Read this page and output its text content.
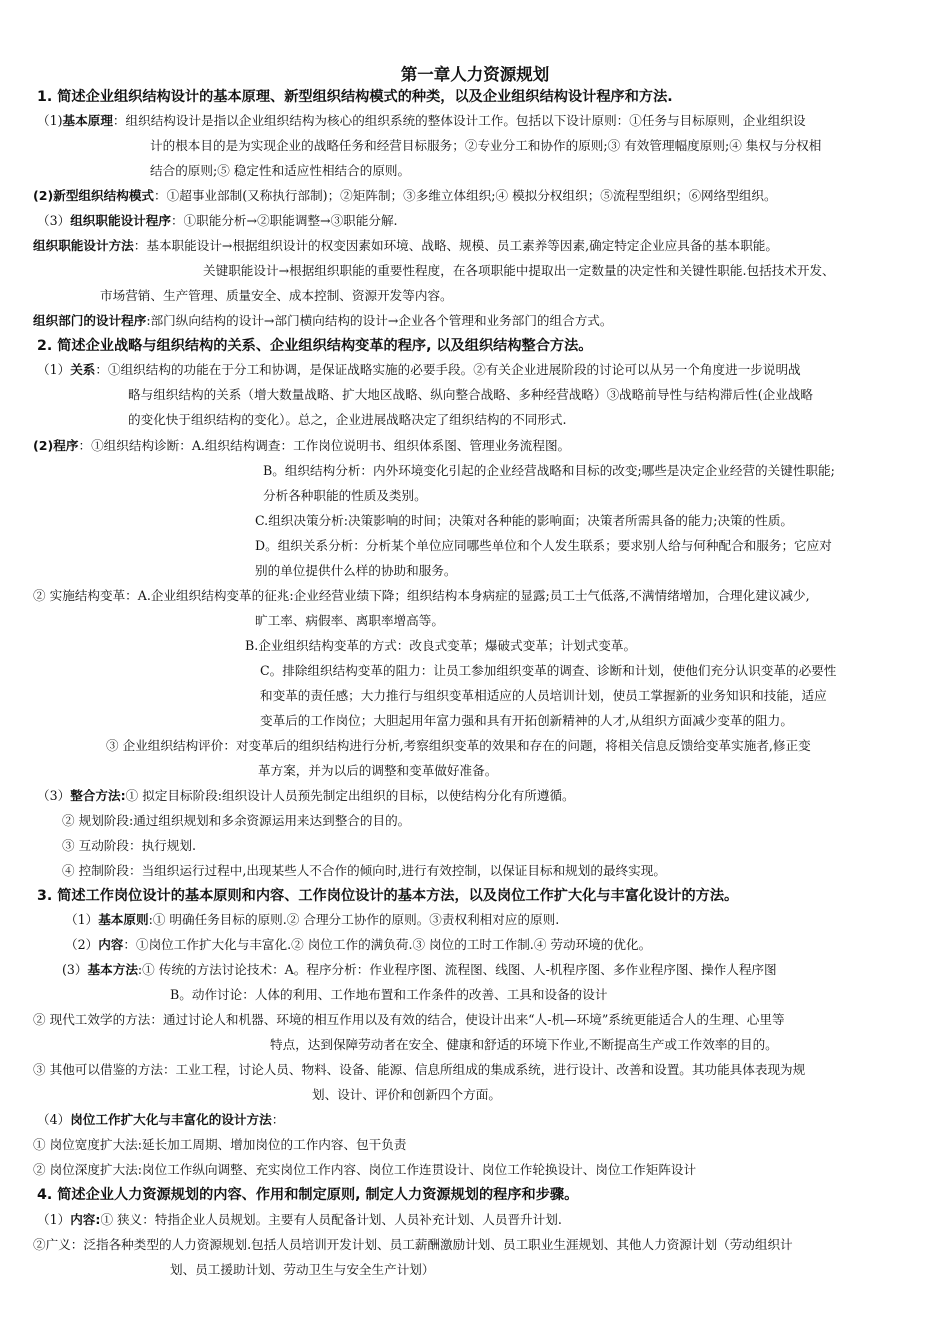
第一章人力资源规划
1. 简述企业组织结构设计的基本原理、新型组织结构模式的种类，以及企业组织结构设计程序和方法.
（1)基本原理：组织结构设计是指以企业组织结构为核心的组织系统的整体设计工作。包括以下设计原则：①任务与目标原则，企业组织设
计的根本目的是为实现企业的战略任务和经营目标服务；②专业分工和协作的原则;③ 有效管理幅度原则;④ 集权与分权相
结合的原则;⑤ 稳定性和适应性相结合的原则。
(2)新型组织结构模式：①超事业部制(又称执行部制)；②矩阵制；③多维立体组织;④ 模拟分权组织；⑤流程型组织；⑥网络型组织。
（3）组织职能设计程序：①职能分析→②职能调整→③职能分解.
组织职能设计方法：基本职能设计→根据组织设计的权变因素如环境、战略、规模、员工素养等因素,确定特定企业应具备的基本职能。
关键职能设计→根据组织职能的重要性程度，在各项职能中提取出一定数量的决定性和关键性职能.包括技术开发、
市场营销、生产管理、质量安全、成本控制、资源开发等内容。
组织部门的设计程序:部门纵向结构的设计→部门横向结构的设计→企业各个管理和业务部门的组合方式。
2. 简述企业战略与组织结构的关系、企业组织结构变革的程序, 以及组织结构整合方法。
（1）关系：①组织结构的功能在于分工和协调，是保证战略实施的必要手段。②有关企业进展阶段的讨论可以从另一个角度进一步说明战
略与组织结构的关系（增大数量战略、扩大地区战略、纵向整合战略、多种经营战略）③战略前导性与结构滞后性(企业战略
的变化快于组织结构的变化）。总之，企业进展战略决定了组织结构的不同形式.
(2)程序：①组织结构诊断：A.组织结构调查：工作岗位说明书、组织体系图、管理业务流程图。
B。组织结构分析：内外环境变化引起的企业经营战略和目标的改变;哪些是决定企业经营的关键性职能;
分析各种职能的性质及类别。
C.组织决策分析:决策影响的时间；决策对各种能的影响面；决策者所需具备的能力;决策的性质。
D。组织关系分析：分析某个单位应同哪些单位和个人发生联系；要求别人给与何种配合和服务；它应对
别的单位提供什么样的协助和服务。
② 实施结构变革：A.企业组织结构变革的征兆:企业经营业绩下降；组织结构本身病症的显露;员工士气低落,不满情绪增加，合理化建议减少,
旷工率、病假率、离职率增高等。
B.企业组织结构变革的方式：改良式变革；爆破式变革；计划式变革。
C。排除组织结构变革的阻力：让员工参加组织变革的调查、诊断和计划，使他们充分认识变革的必要性
和变革的责任感；大力推行与组织变革相适应的人员培训计划，使员工掌握新的业务知识和技能，适应
变革后的工作岗位；大胆起用年富力强和具有开拓创新精神的人才,从组织方面减少变革的阻力。
③ 企业组织结构评价：对变革后的组织结构进行分析,考察组织变革的效果和存在的问题，将相关信息反馈给变革实施者,修正变
革方案，并为以后的调整和变革做好准备。
（3）整合方法:① 拟定目标阶段:组织设计人员预先制定出组织的目标，以使结构分化有所遵循。
② 规划阶段:通过组织规划和多余资源运用来达到整合的目的。
③ 互动阶段：执行规划.
④ 控制阶段：当组织运行过程中,出现某些人不合作的倾向时,进行有效控制，以保证目标和规划的最终实现。
3. 简述工作岗位设计的基本原则和内容、工作岗位设计的基本方法，以及岗位工作扩大化与丰富化设计的方法。
（1）基本原则:① 明确任务目标的原则.② 合理分工协作的原则。③责权利相对应的原则.
（2）内容：①岗位工作扩大化与丰富化.② 岗位工作的满负荷.③ 岗位的工时工作制.④ 劳动环境的优化。
(3）基本方法:① 传统的方法讨论技术：A。程序分析：作业程序图、流程图、线图、人-机程序图、多作业程序图、操作人程序图
B。动作讨论：人体的利用、工作地布置和工作条件的改善、工具和设备的设计
② 现代工效学的方法：通过讨论人和机器、环境的相互作用以及有效的结合，使设计出来“人-机—环境”系统更能适合人的生理、心里等
特点，达到保障劳动者在安全、健康和舒适的环境下作业,不断提高生产或工作效率的目的。
③ 其他可以借鉴的方法：工业工程，讨论人员、物料、设备、能源、信息所组成的集成系统，进行设计、改善和设置。其功能具体表现为规
划、设计、评价和创新四个方面。
（4）岗位工作扩大化与丰富化的设计方法：
① 岗位宽度扩大法:延长加工周期、增加岗位的工作内容、包干负责
② 岗位深度扩大法:岗位工作纵向调整、充实岗位工作内容、岗位工作连贯设计、岗位工作轮换设计、岗位工作矩阵设计
4. 简述企业人力资源规划的内容、作用和制定原则, 制定人力资源规划的程序和步骤。
（1）内容:① 狭义：特指企业人员规划。主要有人员配备计划、人员补充计划、人员晋升计划.
②广义：泛指各种类型的人力资源规划.包括人员培训开发计划、员工薪酬激励计划、员工职业生涯规划、其他人力资源计划（劳动组织计
划、员工援助计划、劳动卫生与安全生产计划）
